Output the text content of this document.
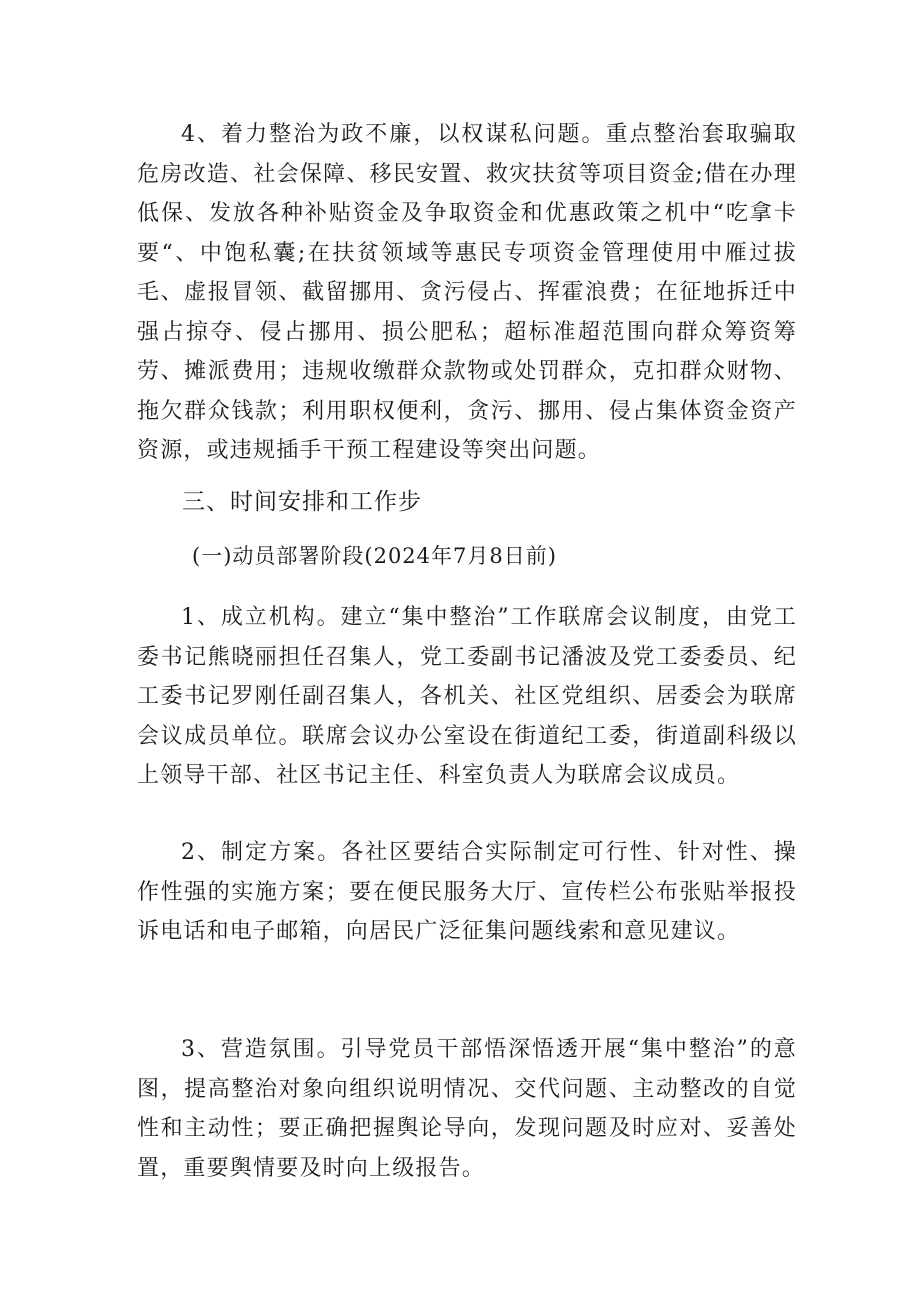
4、着力整治为政不廉，以权谋私问题。重点整治套取骗取危房改造、社会保障、移民安置、救灾扶贫等项目资金;借在办理低保、发放各种补贴资金及争取资金和优惠政策之机中“吃拿卡要“、中饱私囊;在扶贫领域等惠民专项资金管理使用中雁过拔毛、虚报冒领、截留挪用、贪污侵占、挥霍浪费；在征地拆迁中强占掠夺、侵占挪用、损公肥私；超标准超范围向群众筹资筹劳、摊派费用；违规收缴群众款物或处罚群众，克扣群众财物、拖欠群众钱款；利用职权便利，贪污、挪用、侵占集体资金资产资源，或违规插手干预工程建设等突出问题。

三、时间安排和工作步

(一)动员部署阶段(2024年7月8日前)

1、成立机构。建立“集中整治”工作联席会议制度，由党工委书记熊晓丽担任召集人，党工委副书记潘波及党工委委员、纪工委书记罗刚任副召集人，各机关、社区党组织、居委会为联席会议成员单位。联席会议办公室设在街道纪工委，街道副科级以上领导干部、社区书记主任、科室负责人为联席会议成员。

2、制定方案。各社区要结合实际制定可行性、针对性、操作性强的实施方案；要在便民服务大厅、宣传栏公布张贴举报投诉电话和电子邮箱，向居民广泛征集问题线索和意见建议。

3、营造氛围。引导党员干部悟深悟透开展“集中整治”的意图，提高整治对象向组织说明情况、交代问题、主动整改的自觉性和主动性；要正确把握舆论导向，发现问题及时应对、妥善处置，重要舆情要及时向上级报告。
